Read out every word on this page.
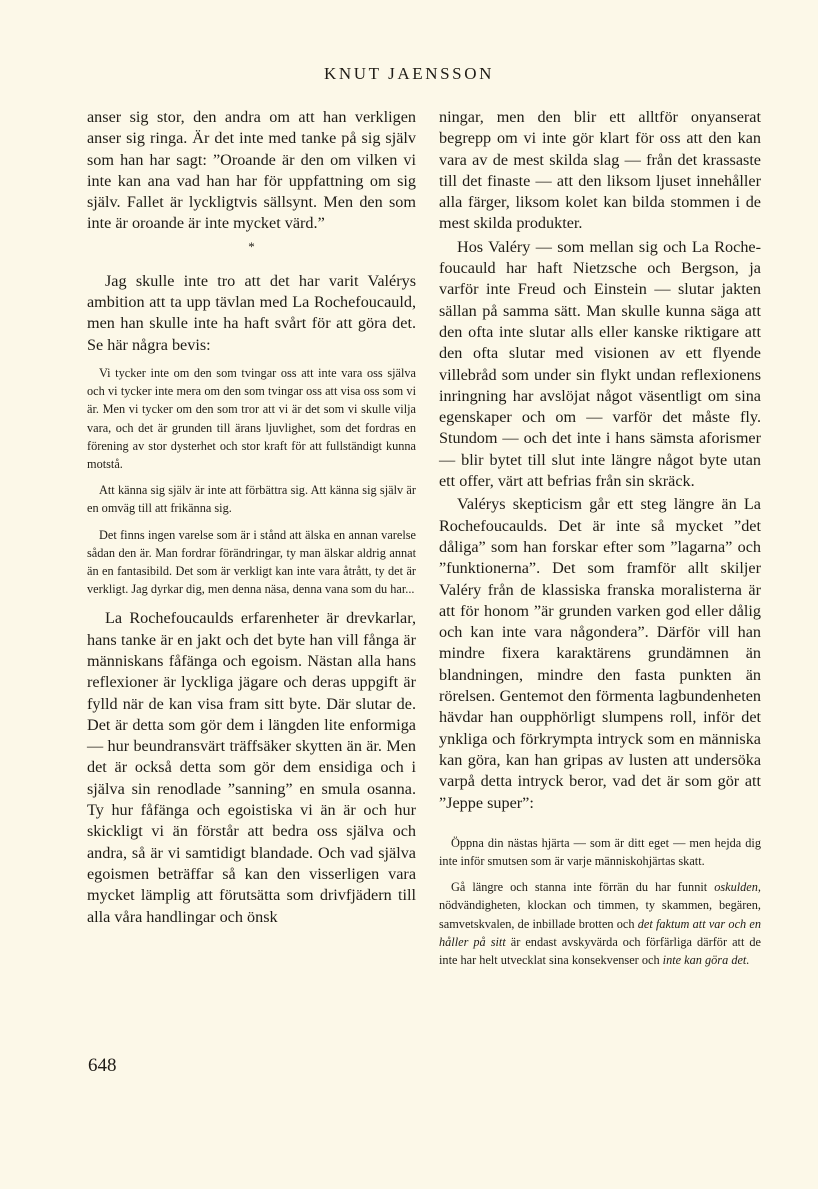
KNUT JAENSSON

anser sig stor, den andra om att han verkligen anser sig ringa. Är det inte med tanke på sig själv som han har sagt: ”Oroande är den om vilken vi inte kan ana vad han har för uppfattning om sig själv. Fallet är lyckligtvis sällsynt. Men den som inte är oroande är inte mycket värd.”

*

Jag skulle inte tro att det har varit Valérys ambition att ta upp tävlan med La Rochefoucauld, men han skulle inte ha haft svårt för att göra det. Se här några bevis:

Vi tycker inte om den som tvingar oss att inte vara oss själva och vi tycker inte mera om den som tvingar oss att visa oss som vi är. Men vi tycker om den som tror att vi är det som vi skulle vilja vara, och det är grunden till ärans ljuvlighet, som det fordras en förening av stor dysterhet och stor kraft för att fullständigt kunna motstå.

Att känna sig själv är inte att förbättra sig. Att känna sig själv är en omväg till att frikänna sig.

Det finns ingen varelse som är i stånd att älska en annan varelse sådan den är. Man fordrar förändringar, ty man älskar aldrig annat än en fantasibild. Det som är verkligt kan inte vara åtrått, ty det är verkligt. Jag dyrkar dig, men denna näsa, denna vana som du har...

La Rochefoucaulds erfarenheter är drevkarlar, hans tanke är en jakt och det byte han vill fånga är människans fåfänga och egoism. Nästan alla hans reflexioner är lyckliga jägare och deras uppgift är fylld när de kan visa fram sitt byte. Där slutar de. Det är detta som gör dem i längden lite enformiga — hur beundransvärt träffsäker skytten än är. Men det är också detta som gör dem ensidiga och i själva sin renodlade ”sanning” en smula osanna. Ty hur fåfänga och egoistiska vi än är och hur skickligt vi än förstår att bedra oss själva och andra, så är vi samtidigt blandade. Och vad själva egoismen beträffar så kan den visserligen vara mycket lämplig att förutsätta som drivfjädern till alla våra handlingar och önsk

ningar, men den blir ett alltför onyanserat begrepp om vi inte gör klart för oss att den kan vara av de mest skilda slag — från det krassaste till det finaste — att den liksom ljuset innehåller alla färger, liksom kolet kan bilda stommen i de mest skilda produkter.

Hos Valéry — som mellan sig och La Rochefoucauld har haft Nietzsche och Bergson, ja varför inte Freud och Einstein — slutar jakten sällan på samma sätt. Man skulle kunna säga att den ofta inte slutar alls eller kanske riktigare att den ofta slutar med visionen av ett flyende villebråd som under sin flykt undan reflexionens inringning har avslöjat något väsentligt om sina egenskaper och om — varför det måste fly. Stundom — och det inte i hans sämsta aforismer — blir bytet till slut inte längre något byte utan ett offer, värt att befrias från sin skräck.

Valérys skepticism går ett steg längre än La Rochefoucaulds. Det är inte så mycket ”det dåliga” som han forskar efter som ”lagarna” och ”funktionerna”. Det som framför allt skiljer Valéry från de klassiska franska moralisterna är att för honom ”är grunden varken god eller dålig och kan inte vara någondera”. Därför vill han mindre fixera karaktärens grundämnen än blandningen, mindre den fasta punkten än rörelsen. Gentemot den förmenta lagbundenheten hävdar han oupphörligt slumpens roll, inför det ynkliga och förkrympta intryck som en människa kan göra, kan han gripas av lusten att undersöka varpå detta intryck beror, vad det är som gör att ”Jeppe super”:

Öppna din nästas hjärta — som är ditt eget — men hejda dig inte inför smutsen som är varje människohjärtas skatt.

Gå längre och stanna inte förrän du har funnit oskulden, nödvändigheten, klockan och timmen, ty skammen, begären, samvetskvalen, de inbillade brotten och det faktum att var och en håller på sitt är endast avskyvärda och förfärliga därför att de inte har helt utvecklat sina konsekvenser och inte kan göra det.

648
